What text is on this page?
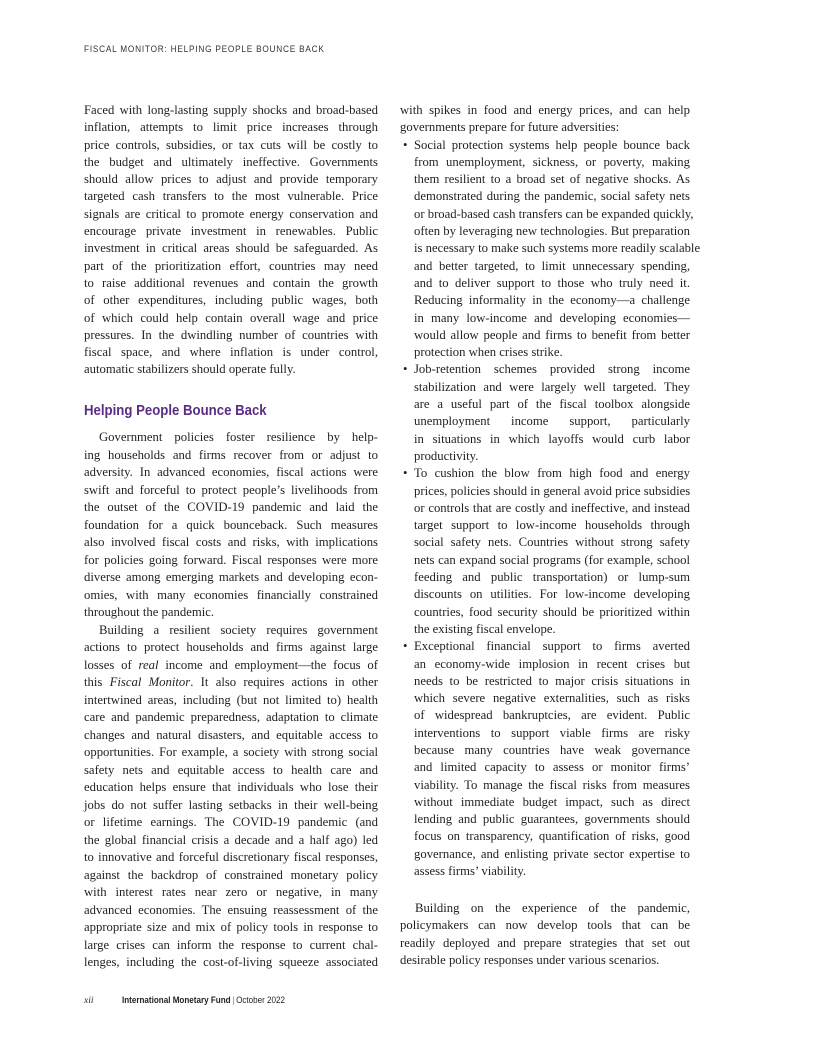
FISCAL MONITOR: HELPING PEOPLE BOUNCE BACK
Faced with long-lasting supply shocks and broad-based
inflation, attempts to limit price increases through
price controls, subsidies, or tax cuts will be costly to
the budget and ultimately ineffective. Governments
should allow prices to adjust and provide temporary
targeted cash transfers to the most vulnerable. Price
signals are critical to promote energy conservation and
encourage private investment in renewables. Public
investment in critical areas should be safeguarded. As
part of the prioritization effort, countries may need
to raise additional revenues and contain the growth
of other expenditures, including public wages, both
of which could help contain overall wage and price
pressures. In the dwindling number of countries with
fiscal space, and where inflation is under control,
automatic stabilizers should operate fully.
Helping People Bounce Back
Government policies foster resilience by help-
ing households and firms recover from or adjust to
adversity. In advanced economies, fiscal actions were
swift and forceful to protect people’s livelihoods from
the outset of the COVID-19 pandemic and laid the
foundation for a quick bounceback. Such measures
also involved fiscal costs and risks, with implications
for policies going forward. Fiscal responses were more
diverse among emerging markets and developing econ-
omies, with many economies financially constrained
throughout the pandemic.
Building a resilient society requires government
actions to protect households and firms against large
losses of real income and employment—the focus of
this Fiscal Monitor. It also requires actions in other
intertwined areas, including (but not limited to) health
care and pandemic preparedness, adaptation to climate
changes and natural disasters, and equitable access to
opportunities. For example, a society with strong social
safety nets and equitable access to health care and
education helps ensure that individuals who lose their
jobs do not suffer lasting setbacks in their well-being
or lifetime earnings. The COVID-19 pandemic (and
the global financial crisis a decade and a half ago) led
to innovative and forceful discretionary fiscal responses,
against the backdrop of constrained monetary policy
with interest rates near zero or negative, in many
advanced economies. The ensuing reassessment of the
appropriate size and mix of policy tools in response to
large crises can inform the response to current chal-
lenges, including the cost-of-living squeeze associated
with spikes in food and energy prices, and can help
governments prepare for future adversities:
• Social protection systems help people bounce back
from unemployment, sickness, or poverty, making
them resilient to a broad set of negative shocks. As
demonstrated during the pandemic, social safety nets
or broad-based cash transfers can be expanded quickly,
often by leveraging new technologies. But preparation
is necessary to make such systems more readily scalable
and better targeted, to limit unnecessary spending,
and to deliver support to those who truly need it.
Reducing informality in the economy—a challenge
in many low-income and developing economies—
would allow people and firms to benefit from better
protection when crises strike.
• Job-retention schemes provided strong income
stabilization and were largely well targeted. They
are a useful part of the fiscal toolbox alongside
unemployment income support, particularly
in situations in which layoffs would curb labor
productivity.
• To cushion the blow from high food and energy
prices, policies should in general avoid price subsidies
or controls that are costly and ineffective, and instead
target support to low-income households through
social safety nets. Countries without strong safety
nets can expand social programs (for example, school
feeding and public transportation) or lump-sum
discounts on utilities. For low-income developing
countries, food security should be prioritized within
the existing fiscal envelope.
• Exceptional financial support to firms averted
an economy-wide implosion in recent crises but
needs to be restricted to major crisis situations in
which severe negative externalities, such as risks
of widespread bankruptcies, are evident. Public
interventions to support viable firms are risky
because many countries have weak governance
and limited capacity to assess or monitor firms’
viability. To manage the fiscal risks from measures
without immediate budget impact, such as direct
lending and public guarantees, governments should
focus on transparency, quantification of risks, good
governance, and enlisting private sector expertise to
assess firms’ viability.
Building on the experience of the pandemic,
policymakers can now develop tools that can be
readily deployed and prepare strategies that set out
desirable policy responses under various scenarios.
xii	International Monetary Fund | October 2022
